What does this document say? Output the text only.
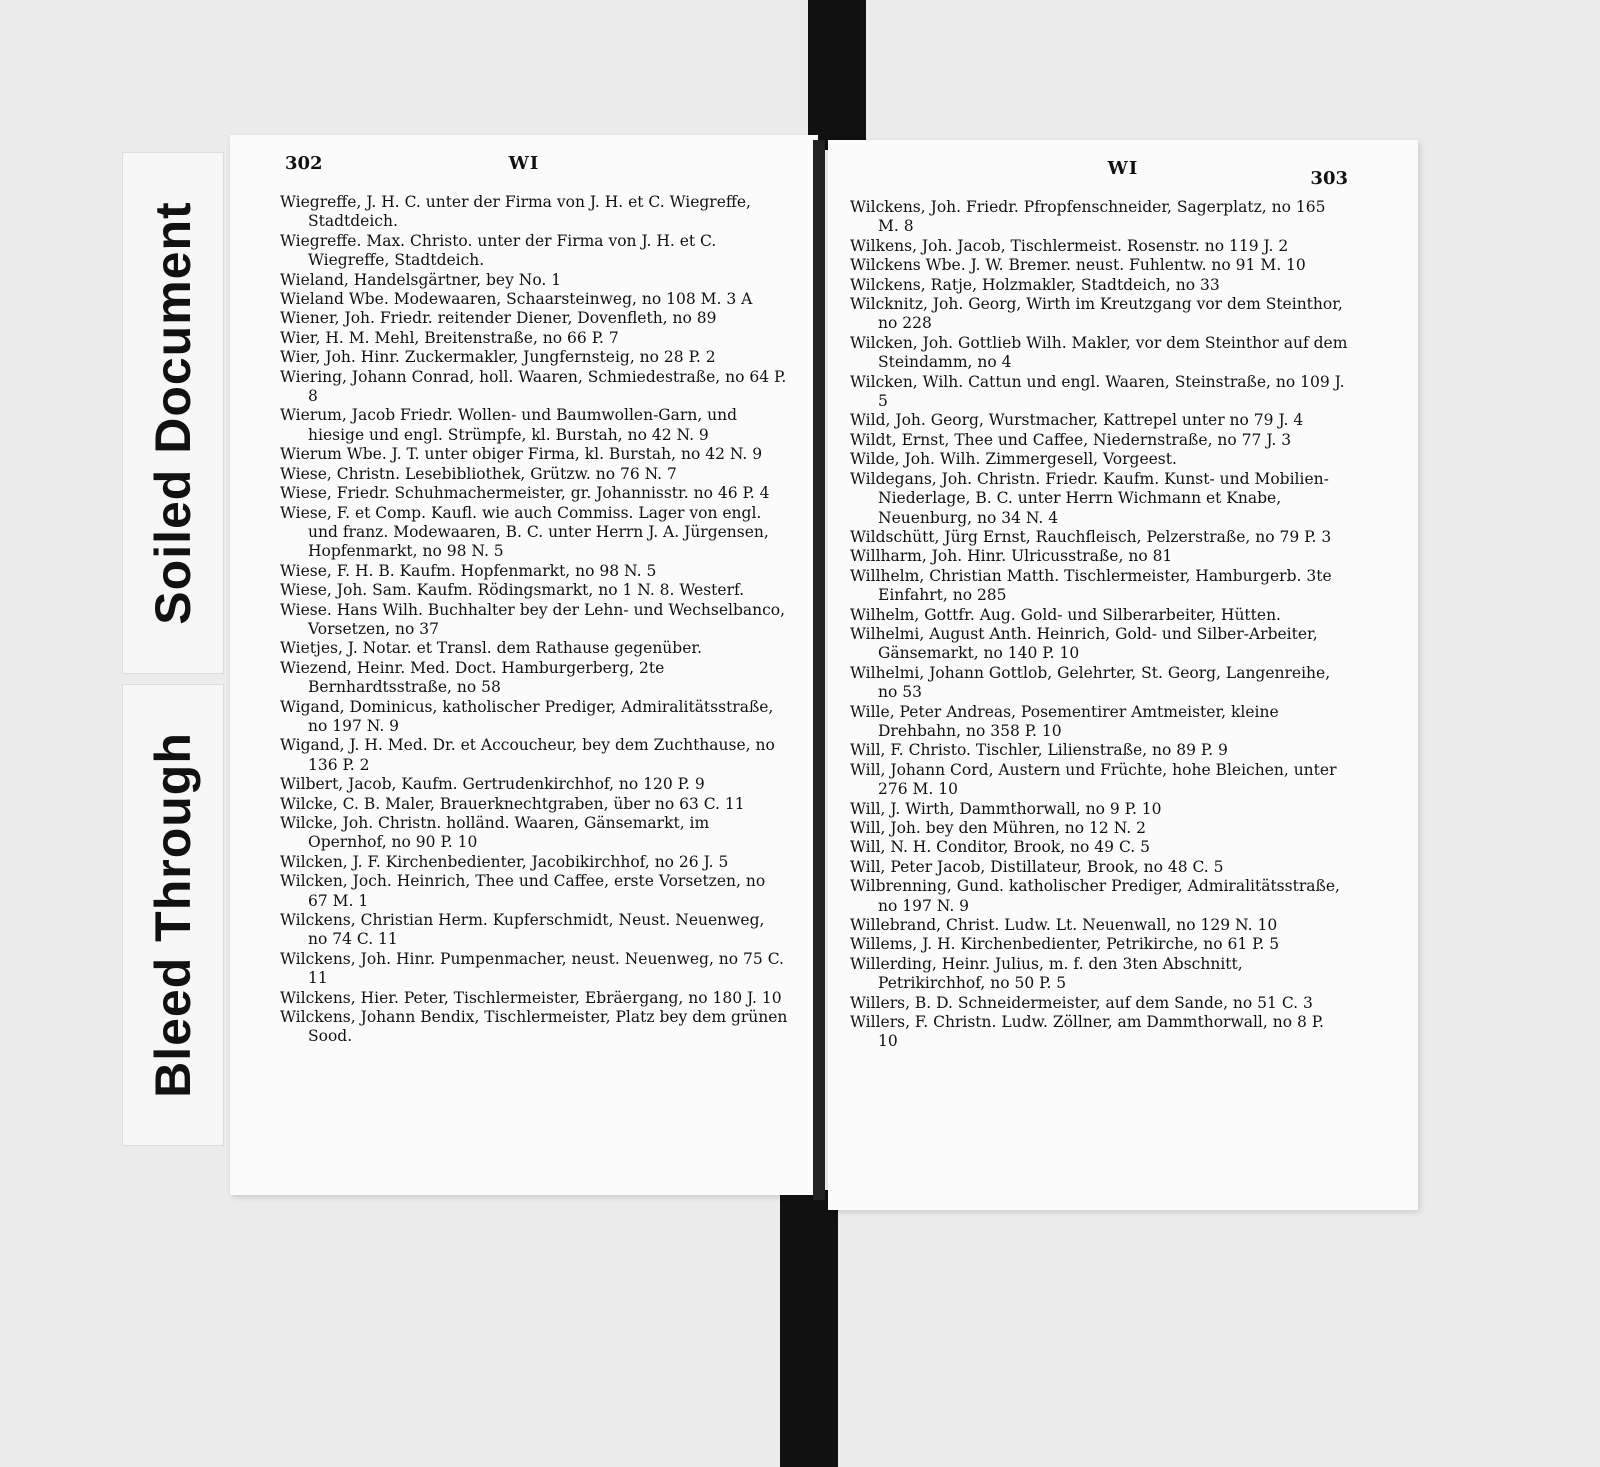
Soiled Document
Bleed Through
302	WI
Wiegreffe, J. H. C. unter der Firma von J. H. et C. Wiegreffe, Stadtdeich.
Wiegreffe. Max. Christo. unter der Firma von J. H. et C. Wiegreffe, Stadtdeich.
Wieland, Handelsgärtner, bey No. 1
Wieland Wbe. Modewaaren, Schaarsteinweg, no 108 M. 3 A
Wiener, Joh. Friedr. reitender Diener, Dovenfleth, no 89
Wier, H. M. Mehl, Breitenstraße, no 66 P. 7
Wier, Joh. Hinr. Zuckermakler, Jungfernsteig, no 28 P. 2
Wiering, Johann Conrad, holl. Waaren, Schmiedestraße, no 64 P. 8
Wierum, Jacob Friedr. Wollen- und Baumwollen-Garn, und hiesige und engl. Strümpfe, kl. Burstah, no 42 N. 9
Wierum Wbe. J. T. unter obiger Firma, kl. Burstah, no 42 N. 9
Wiese, Christn. Lesebibliothek, Grützw. no 76 N. 7
Wiese, Friedr. Schuhmachermeister, gr. Johannisstr. no 46 P. 4
Wiese, F. et Comp. Kaufl. wie auch Commiss. Lager von engl. und franz. Modewaaren, B. C. unter Herrn J. A. Jürgensen, Hopfenmarkt, no 98 N. 5
Wiese, F. H. B. Kaufm. Hopfenmarkt, no 98 N. 5
Wiese, Joh. Sam. Kaufm. Rödingsmarkt, no 1 N. 8. Westerf.
Wiese. Hans Wilh. Buchhalter bey der Lehn- und Wechselbanco, Vorsetzen, no 37
Wietjes, J. Notar. et Transl. dem Rathause gegenüber.
Wiezend, Heinr. Med. Doct. Hamburgerberg, 2te Bernhardtsstraße, no 58
Wigand, Dominicus, katholischer Prediger, Admiralitätsstraße, no 197 N. 9
Wigand, J. H. Med. Dr. et Accoucheur, bey dem Zuchthause, no 136 P. 2
Wilbert, Jacob, Kaufm. Gertrudenkirchhof, no 120 P. 9
Wilcke, C. B. Maler, Brauerknechtgraben, über no 63 C. 11
Wilcke, Joh. Christn. holländ. Waaren, Gänsemarkt, im Opernhof, no 90 P. 10
Wilcken, J. F. Kirchenbedienter, Jacobikirchhof, no 26 J. 5
Wilcken, Joch. Heinrich, Thee und Caffee, erste Vorsetzen, no 67 M. 1
Wilckens, Christian Herm. Kupferschmidt, Neust. Neuenweg, no 74 C. 11
Wilckens, Joh. Hinr. Pumpenmacher, neust. Neuenweg, no 75 C. 11
Wilckens, Hier. Peter, Tischlermeister, Ebräergang, no 180 J. 10
Wilckens, Johann Bendix, Tischlermeister, Platz bey dem grünen Sood.
WI	303
Wilckens, Joh. Friedr. Pfropfenschneider, Sagerplatz, no 165 M. 8
Wilkens, Joh. Jacob, Tischlermeist. Rosenstr. no 119 J. 2
Wilckens Wbe. J. W. Bremer. neust. Fuhlentw. no 91 M. 10
Wilckens, Ratje, Holzmakler, Stadtdeich, no 33
Wilcknitz, Joh. Georg, Wirth im Kreutzgang vor dem Steinthor, no 228
Wilcken, Joh. Gottlieb Wilh. Makler, vor dem Steinthor auf dem Steindamm, no 4
Wilcken, Wilh. Cattun und engl. Waaren, Steinstraße, no 109 J. 5
Wild, Joh. Georg, Wurstmacher, Kattrepel unter no 79 J. 4
Wildt, Ernst, Thee und Caffee, Niedernstraße, no 77 J. 3
Wilde, Joh. Wilh. Zimmergesell, Vorgeest.
Wildegans, Joh. Christn. Friedr. Kaufm. Kunst- und Mobilien-Niederlage, B. C. unter Herrn Wichmann et Knabe, Neuenburg, no 34 N. 4
Wildschütt, Jürg Ernst, Rauchfleisch, Pelzerstraße, no 79 P. 3
Willharm, Joh. Hinr. Ulricusstraße, no 81
Willhelm, Christian Matth. Tischlermeister, Hamburgerb. 3te Einfahrt, no 285
Wilhelm, Gottfr. Aug. Gold- und Silberarbeiter, Hütten.
Wilhelmi, August Anth. Heinrich, Gold- und Silber-Arbeiter, Gänsemarkt, no 140 P. 10
Wilhelmi, Johann Gottlob, Gelehrter, St. Georg, Langenreihe, no 53
Wille, Peter Andreas, Posementirer Amtmeister, kleine Drehbahn, no 358 P. 10
Will, F. Christo. Tischler, Lilienstraße, no 89 P. 9
Will, Johann Cord, Austern und Früchte, hohe Bleichen, unter 276 M. 10
Will, J. Wirth, Dammthorwall, no 9 P. 10
Will, Joh. bey den Mühren, no 12 N. 2
Will, N. H. Conditor, Brook, no 49 C. 5
Will, Peter Jacob, Distillateur, Brook, no 48 C. 5
Wilbrenning, Gund. katholischer Prediger, Admiralitätsstraße, no 197 N. 9
Willebrand, Christ. Ludw. Lt. Neuenwall, no 129 N. 10
Willems, J. H. Kirchenbedienter, Petrikirche, no 61 P. 5
Willerding, Heinr. Julius, m. f. den 3ten Abschnitt, Petrikirchhof, no 50 P. 5
Willers, B. D. Schneidermeister, auf dem Sande, no 51 C. 3
Willers, F. Christn. Ludw. Zöllner, am Dammthorwall, no 8 P. 10
